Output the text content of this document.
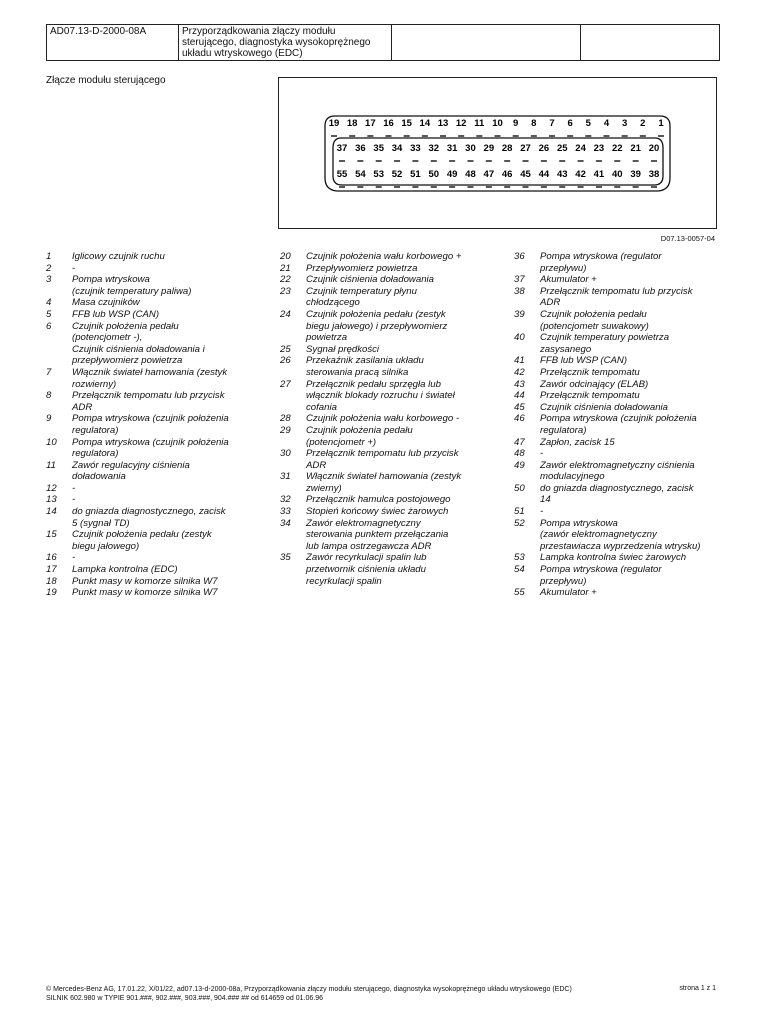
AD07.13-D-2000-08A	Przyporządkowania złączy modułu sterującego, diagnostyka wysokoprężnego układu wtryskowego (EDC)		
Złącze modułu sterującego
19 18 17 16 15 14 13 12 11 10 9 8 7 6 5 4 3 2 1
37 36 35 34 33 32 31 30 29 28 27 26 25 24 23 22 21 20
55 54 53 52 51 50 49 48 47 46 45 44 43 42 41 40 39 38
D07.13-0057-04
1	Iglicowy czujnik ruchu
2	-
3	Pompa wtryskowa
(czujnik temperatury paliwa)
4	Masa czujników
5	FFB lub WSP (CAN)
6	Czujnik położenia pedału
(potencjometr -),
Czujnik ciśnienia doładowania i
przepływomierz powietrza
7	Włącznik świateł hamowania (zestyk
rozwierny)
8	Przełącznik tempomatu lub przycisk
ADR
9	Pompa wtryskowa (czujnik położenia
regulatora)
10	Pompa wtryskowa (czujnik położenia
regulatora)
11	Zawór regulacyjny ciśnienia
doładowania
12	-
13	-
14	do gniazda diagnostycznego, zacisk
5 (sygnał TD)
15	Czujnik położenia pedału (zestyk
biegu jałowego)
16	-
17	Lampka kontrolna (EDC)
18	Punkt masy w komorze silnika W7
19	Punkt masy w komorze silnika W7
20	Czujnik położenia wału korbowego +
21	Przepływomierz powietrza
22	Czujnik ciśnienia doładowania
23	Czujnik temperatury płynu
chłodzącego
24	Czujnik położenia pedału (zestyk
biegu jałowego) i przepływomierz
powietrza
25	Sygnał prędkości
26	Przekaźnik zasilania układu
sterowania pracą silnika
27	Przełącznik pedału sprzęgła lub
włącznik blokady rozruchu i świateł
cofania
28	Czujnik położenia wału korbowego -
29	Czujnik położenia pedału
(potencjometr +)
30	Przełącznik tempomatu lub przycisk
ADR
31	Włącznik świateł hamowania (zestyk
zwierny)
32	Przełącznik hamulca postojowego
33	Stopień końcowy świec żarowych
34	Zawór elektromagnetyczny
sterowania punktem przełączania
lub lampa ostrzegawcza ADR
35	Zawór recyrkulacji spalin lub
przetwornik ciśnienia układu
recyrkulacji spalin
36	Pompa wtryskowa (regulator
przepływu)
37	Akumulator +
38	Przełącznik tempomatu lub przycisk
ADR
39	Czujnik położenia pedału
(potencjometr suwakowy)
40	Czujnik temperatury powietrza
zasysanego
41	FFB lub WSP (CAN)
42	Przełącznik tempomatu
43	Zawór odcinający (ELAB)
44	Przełącznik tempomatu
45	Czujnik ciśnienia doładowania
46	Pompa wtryskowa (czujnik położenia
regulatora)
47	Zapłon, zacisk 15
48	-
49	Zawór elektromagnetyczny ciśnienia
modulacyjnego
50	do gniazda diagnostycznego, zacisk
14
51	-
52	Pompa wtryskowa
(zawór elektromagnetyczny
przestawiacza wyprzedzenia wtrysku)
53	Lampka kontrolna świec żarowych
54	Pompa wtryskowa (regulator
przepływu)
55	Akumulator +
© Mercedes-Benz AG, 17.01.22, X/01/22, ad07.13-d-2000-08a, Przyporządkowania złączy modułu sterującego, diagnostyka wysokoprężnego układu wtryskowego (EDC)
SILNIK 602.980 w TYPIE 901.###, 902.###, 903.###, 904.### ## od 614659 od 01.06.96
strona 1 z 1
